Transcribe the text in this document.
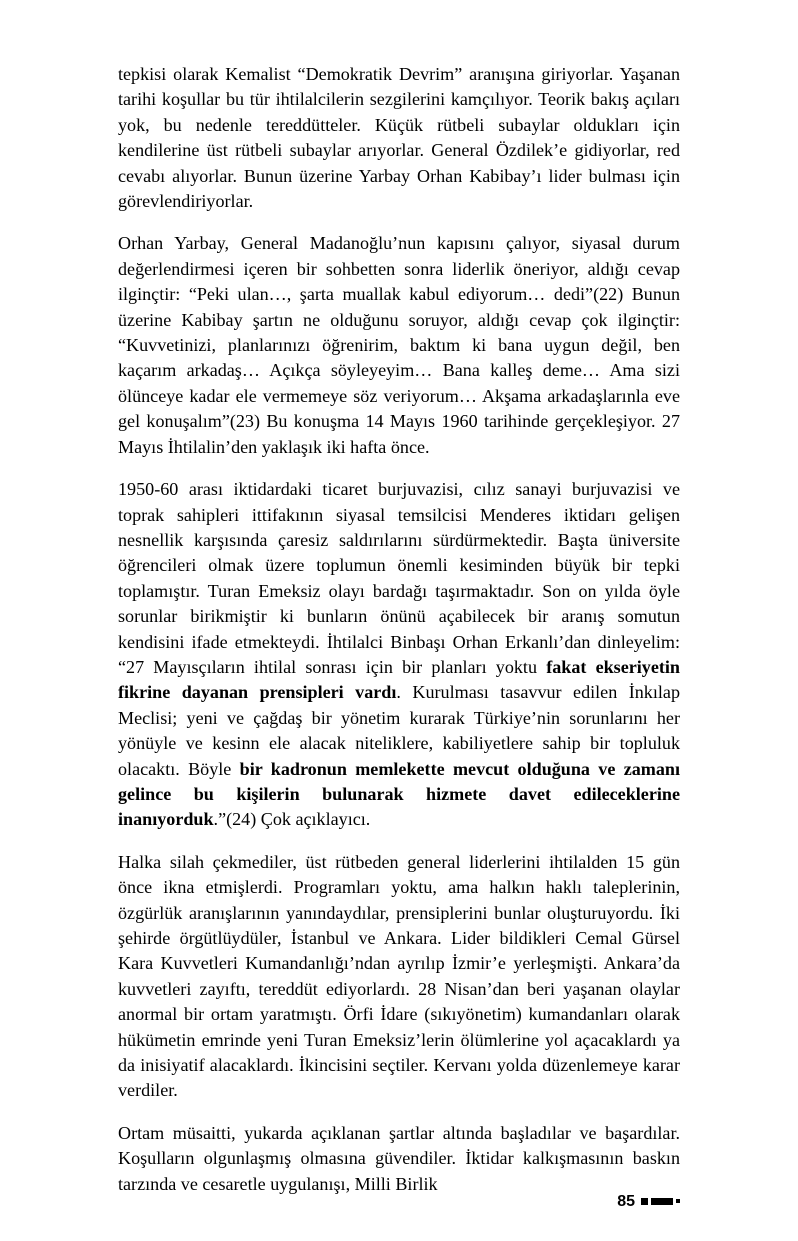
tepkisi olarak Kemalist “Demokratik Devrim” aranışına giriyorlar. Yaşanan tarihi koşullar bu tür ihtilalcilerin sezgilerini kamçılıyor. Teorik bakış açıları yok, bu nedenle tereddütteler. Küçük rütbeli subaylar oldukları için kendilerine üst rütbeli subaylar arıyorlar. General Özdilek’e gidiyorlar, red cevabı alıyorlar. Bunun üzerine Yarbay Orhan Kabibay’ı lider bulması için görevlendiriyorlar.

Orhan Yarbay, General Madanoğlu’nun kapısını çalıyor, siyasal durum değerlendirmesi içeren bir sohbetten sonra liderlik öneriyor, aldığı cevap ilginçtir: “Peki ulan…, şarta muallak kabul ediyorum… dedi”(22) Bunun üzerine Kabibay şartın ne olduğunu soruyor, aldığı cevap çok ilginçtir: “Kuvvetinizi, planlarınızı öğrenirim, baktım ki bana uygun değil, ben kaçarım arkadaş… Açıkça söyleyeyim… Bana kalleş deme… Ama sizi ölünceye kadar ele vermemeye söz veriyorum… Akşama arkadaşlarınla eve gel konuşalım”(23) Bu konuşma 14 Mayıs 1960 tarihinde gerçekleşiyor. 27 Mayıs İhtilalin’den yaklaşık iki hafta önce.

1950-60 arası iktidardaki ticaret burjuvazisi, cılız sanayi burjuvazisi ve toprak sahipleri ittifakının siyasal temsilcisi Menderes iktidarı gelişen nesnellik karşısında çaresiz saldırılarını sürdürmektedir. Başta üniversite öğrencileri olmak üzere toplumun önemli kesiminden büyük bir tepki toplamıştır. Turan Emeksiz olayı bardağı taşırmaktadır. Son on yılda öyle sorunlar birikmiştir ki bunların önünü açabilecek bir aranış somutun kendisini ifade etmekteydi. İhtilalci Binbaşı Orhan Erkanlı’dan dinleyelim: “27 Mayısçıların ihtilal sonrası için bir planları yoktu fakat ekseriyetin fikrine dayanan prensipleri vardı. Kurulması tasavvur edilen İnkılap Meclisi; yeni ve çağdaş bir yönetim kurarak Türkiye’nin sorunlarını her yönüyle ve kesinn ele alacak niteliklere, kabiliyetlere sahip bir topluluk olacaktı. Böyle bir kadronun memlekette mevcut olduğuna ve zamanı gelince bu kişilerin bulunarak hizmete davet edileceklerine inanıyorduk.”(24) Çok açıklayıcı.

Halka silah çekmediler, üst rütbeden general liderlerini ihtilalden 15 gün önce ikna etmişlerdi. Programları yoktu, ama halkın haklı taleplerinin, özgürlük aranışlarının yanındaydılar, prensiplerini bunlar oluşturuyordu. İki şehirde örgütlüydüler, İstanbul ve Ankara. Lider bildikleri Cemal Gürsel Kara Kuvvetleri Kumandanlığı’ndan ayrılıp İzmir’e yerleşmişti. Ankara’da kuvvetleri zayıftı, tereddüt ediyorlardı. 28 Nisan’dan beri yaşanan olaylar anormal bir ortam yaratmıştı. Örfi İdare (sıkıyönetim) kumandanları olarak hükümetin emrinde yeni Turan Emeksiz’lerin ölümlerine yol açacaklardı ya da inisiyatif alacaklardı. İkincisini seçtiler. Kervanı yolda düzenlemeye karar verdiler.

Ortam müsaitti, yukarda açıklanan şartlar altında başladılar ve başardılar. Koşulların olgunlaşmış olmasına güvendiler. İktidar kalkışmasının baskın tarzında ve cesaretle uygulanışı, Milli Birlik

85
